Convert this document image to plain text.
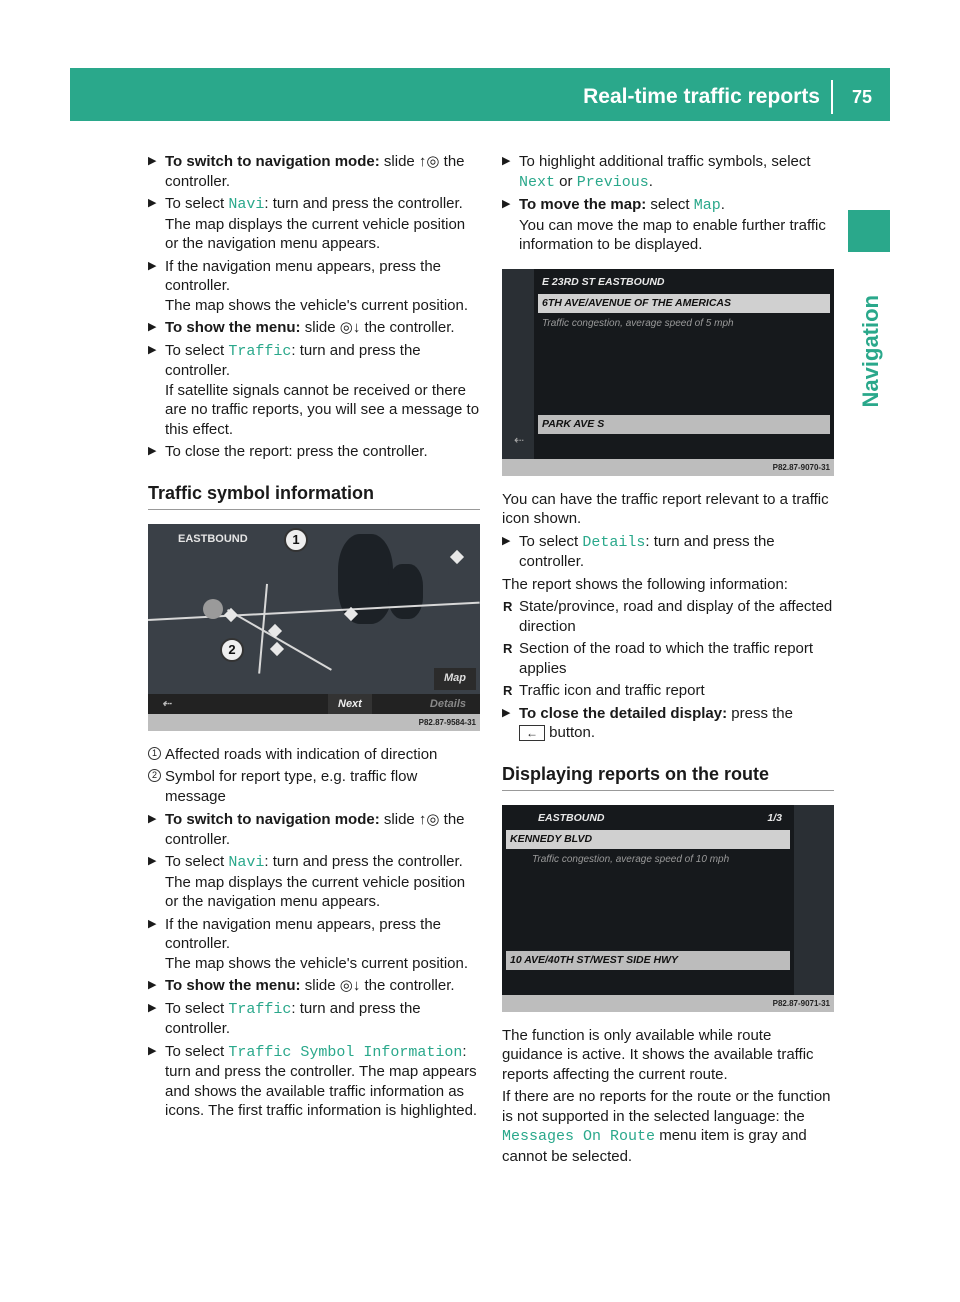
Real-time traffic reports 75
Navigation
▶ To switch to navigation mode: slide ↑◎ the controller.
▶ To select Navi: turn and press the controller.
The map displays the current vehicle position or the navigation menu appears.
▶ If the navigation menu appears, press the controller.
The map shows the vehicle's current position.
▶ To show the menu: slide ◎↓ the controller.
▶ To select Traffic: turn and press the controller.
If satellite signals cannot be received or there are no traffic reports, you will see a message to this effect.
▶ To close the report: press the controller.
Traffic symbol information
EASTBOUND	1
2
Map
⇠	Next	Details
P82.87-9584-31
1 Affected roads with indication of direction
2 Symbol for report type, e.g. traffic flow message
▶ To switch to navigation mode: slide ↑◎ the controller.
▶ To select Navi: turn and press the controller.
The map displays the current vehicle position or the navigation menu appears.
▶ If the navigation menu appears, press the controller.
The map shows the vehicle's current position.
▶ To show the menu: slide ◎↓ the controller.
▶ To select Traffic: turn and press the controller.
▶ To select Traffic Symbol Information:
turn and press the controller. The map appears and shows the available traffic information as icons. The first traffic information is highlighted.
▶ To highlight additional traffic symbols, select Next or Previous.
▶ To move the map: select Map.
You can move the map to enable further traffic information to be displayed.
E 23RD ST EASTBOUND
6TH AVE/AVENUE OF THE AMERICAS
Traffic congestion, average speed of 5 mph
PARK AVE S
⇠
P82.87-9070-31
You can have the traffic report relevant to a traffic icon shown.
▶ To select Details: turn and press the controller.
The report shows the following information:
R State/province, road and display of the affected direction
R Section of the road to which the traffic report applies
R Traffic icon and traffic report
▶ To close the detailed display: press the
← button.
Displaying reports on the route
EASTBOUND	1/3
KENNEDY BLVD
Traffic congestion, average speed of 10 mph
10 AVE/40TH ST/WEST SIDE HWY
P82.87-9071-31
The function is only available while route guidance is active. It shows the available traffic reports affecting the current route.
If there are no reports for the route or the function is not supported in the selected language: the Messages On Route menu item is gray and cannot be selected.
